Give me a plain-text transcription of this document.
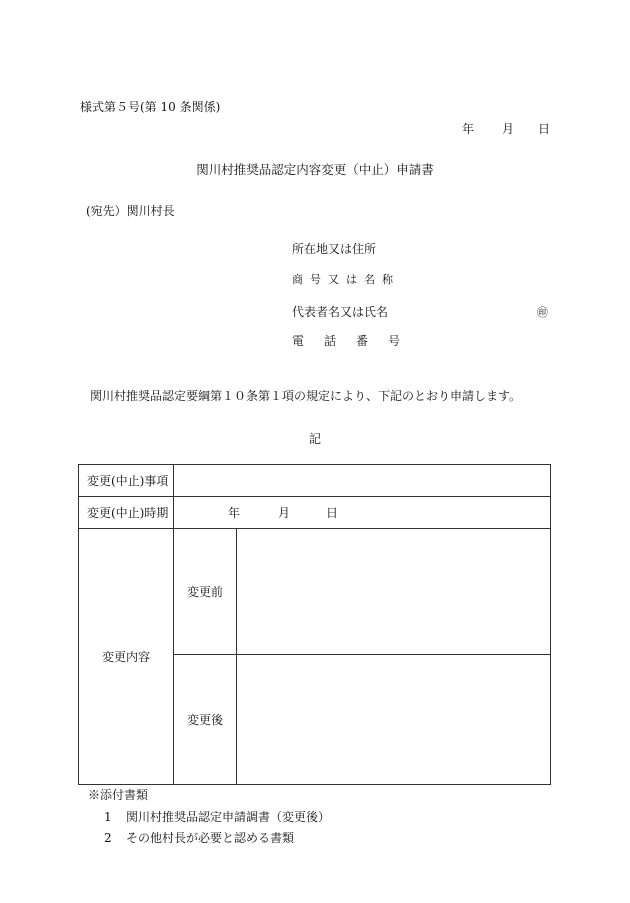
様式第５号(第 10 条関係)
年 月 日
関川村推奨品認定内容変更（中止）申請書
(宛先）関川村長
所在地又は住所
商号又は名称
代表者名又は氏名	㊞
電話番号
関川村推奨品認定要綱第１０条第１項の規定により、下記のとおり申請します。
記
変更(中止)事項		
変更(中止)時期	年 月 日	
変更内容	変更前	
	変更後	
※添付書類
1 関川村推奨品認定申請調書（変更後）
2 その他村長が必要と認める書類
